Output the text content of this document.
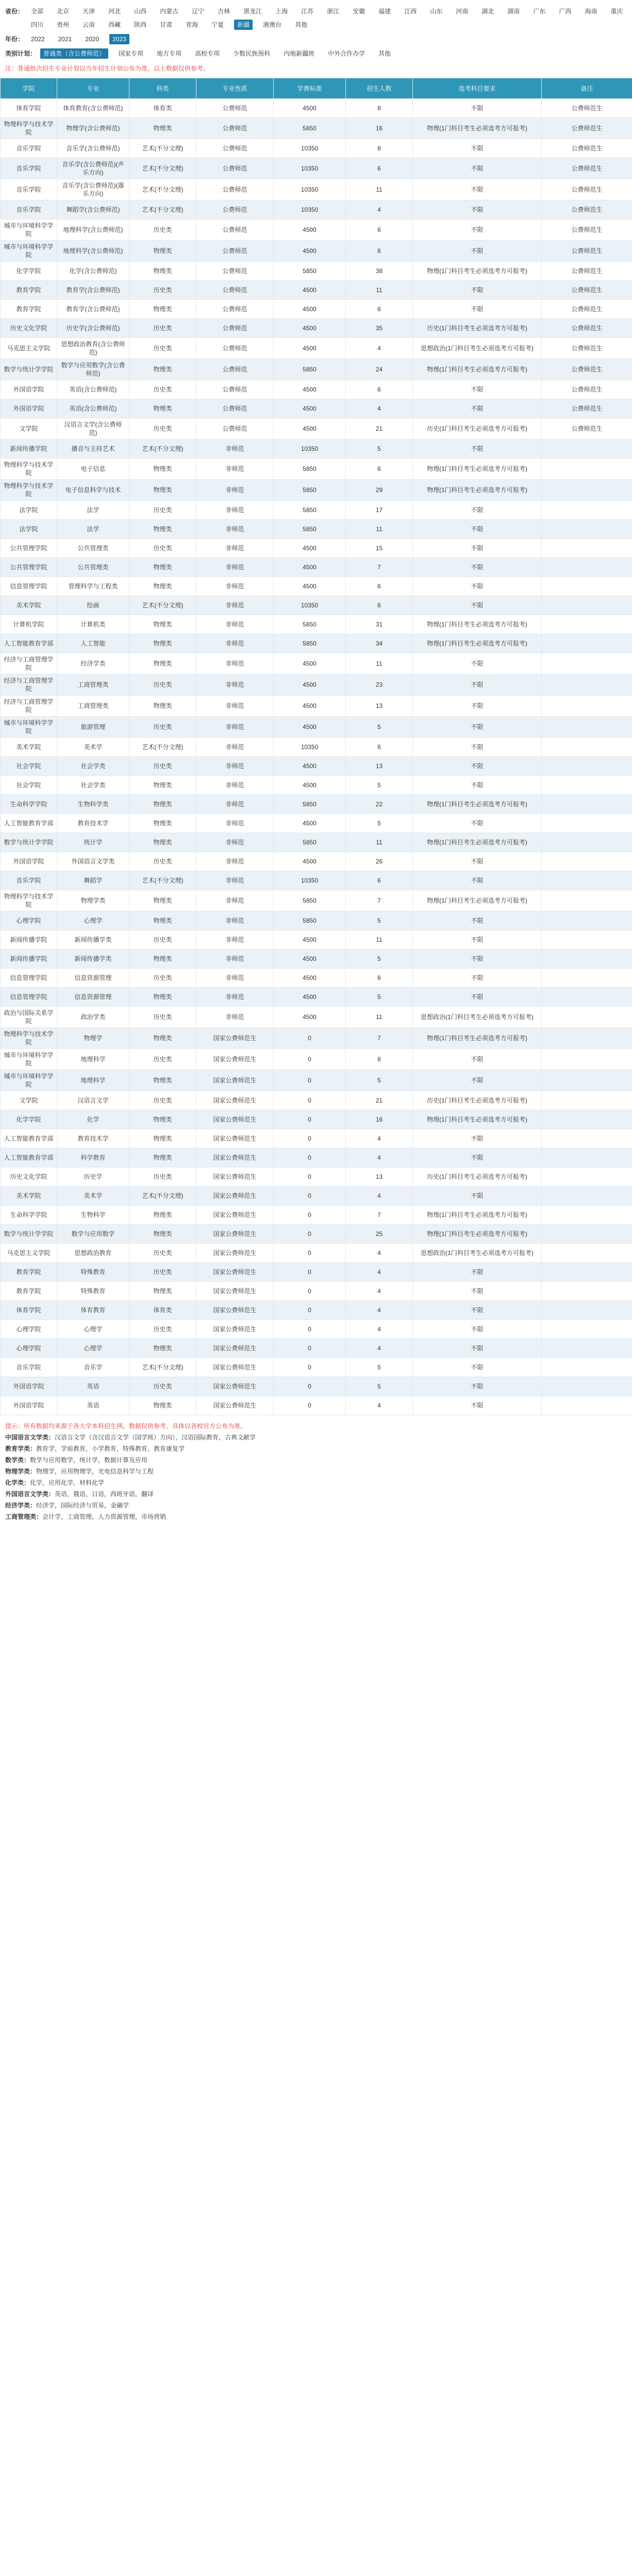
省份：	全部	北京	天津	河北	山西	内蒙古	辽宁	吉林	黑龙江	上海	江苏	浙江	安徽	福建	江西	山东	河南	湖北	湖南	广东	广西	海南	重庆
四川	贵州	云南	西藏	陕西	甘肃	青海	宁夏	新疆	港澳台	其他
年份：	2022	2021	2020	2023
类别计划：	普通类（含公费师范）	国家专项	地方专项	高校专项	少数民族预科	内地新疆班	中外合作办学	其他
注：普通批次招生专业计划以当年招生计划公布为准，以上数据仅供参考。
学院	专业	科类	专业性质	学费标准	招生人数	选考科目要求	备注
体育学院	体育教育(含公费师范)	体育类	公费师范	4500	8	不限	公费师范生
物理科学与技术学院	物理学(含公费师范)	物理类	公费师范	5850	16	物理(1门科目考生必须选考方可报考)	公费师范生
音乐学院	音乐学(含公费师范)	艺术(不分文理)	公费师范	10350	8	不限	公费师范生
音乐学院	音乐学(含公费师范)(声乐方向)	艺术(不分文理)	公费师范	10350	6	不限	公费师范生
音乐学院	音乐学(含公费师范)(器乐方向)	艺术(不分文理)	公费师范	10350	11	不限	公费师范生
音乐学院	舞蹈学(含公费师范)	艺术(不分文理)	公费师范	10350	4	不限	公费师范生
城市与环境科学学院	地理科学(含公费师范)	历史类	公费师范	4500	6	不限	公费师范生
城市与环境科学学院	地理科学(含公费师范)	物理类	公费师范	4500	6	不限	公费师范生
化学学院	化学(含公费师范)	物理类	公费师范	5850	38	物理(1门科目考生必须选考方可报考)	公费师范生
教育学院	教育学(含公费师范)	历史类	公费师范	4500	11	不限	公费师范生
教育学院	教育学(含公费师范)	物理类	公费师范	4500	6	不限	公费师范生
历史文化学院	历史学(含公费师范)	历史类	公费师范	4500	35	历史(1门科目考生必须选考方可报考)	公费师范生
马克思主义学院	思想政治教育(含公费师范)	历史类	公费师范	4500	4	思想政治(1门科目考生必须选考方可报考)	公费师范生
数学与统计学学院	数学与应用数学(含公费师范)	物理类	公费师范	5850	24	物理(1门科目考生必须选考方可报考)	公费师范生
外国语学院	英语(含公费师范)	历史类	公费师范	4500	6	不限	公费师范生
外国语学院	英语(含公费师范)	物理类	公费师范	4500	4	不限	公费师范生
文学院	汉语言文学(含公费师范)	历史类	公费师范	4500	21	历史(1门科目考生必须选考方可报考)	公费师范生
新闻传播学院	播音与主持艺术	艺术(不分文理)	非师范	10350	5	不限	
物理科学与技术学院	电子信息	物理类	非师范	5850	6	物理(1门科目考生必须选考方可报考)	
物理科学与技术学院	电子信息科学与技术	物理类	非师范	5850	29	物理(1门科目考生必须选考方可报考)	
法学院	法学	历史类	非师范	5850	17	不限	
法学院	法学	物理类	非师范	5850	11	不限	
公共管理学院	公共管理类	历史类	非师范	4500	15	不限	
公共管理学院	公共管理类	物理类	非师范	4500	7	不限	
信息管理学院	管理科学与工程类	物理类	非师范	4500	6	不限	
美术学院	绘画	艺术(不分文理)	非师范	10350	6	不限	
计算机学院	计算机类	物理类	非师范	5850	31	物理(1门科目考生必须选考方可报考)	
人工智能教育学部	人工智能	物理类	非师范	5850	34	物理(1门科目考生必须选考方可报考)	
经济与工商管理学院	经济学类	物理类	非师范	4500	11	不限	
经济与工商管理学院	工商管理类	历史类	非师范	4500	23	不限	
经济与工商管理学院	工商管理类	物理类	非师范	4500	13	不限	
城市与环境科学学院	旅游管理	历史类	非师范	4500	5	不限	
美术学院	美术学	艺术(不分文理)	非师范	10350	6	不限	
社会学院	社会学类	历史类	非师范	4500	13	不限	
社会学院	社会学类	物理类	非师范	4500	5	不限	
生命科学学院	生物科学类	物理类	非师范	5850	22	物理(1门科目考生必须选考方可报考)	
人工智能教育学部	教育技术学	物理类	非师范	4500	5	不限	
数学与统计学学院	统计学	物理类	非师范	5850	11	物理(1门科目考生必须选考方可报考)	
外国语学院	外国语言文学类	历史类	非师范	4500	26	不限	
音乐学院	舞蹈学	艺术(不分文理)	非师范	10350	6	不限	
物理科学与技术学院	物理学类	物理类	非师范	5850	7	物理(1门科目考生必须选考方可报考)	
心理学院	心理学	物理类	非师范	5850	5	不限	
新闻传播学院	新闻传播学类	历史类	非师范	4500	11	不限	
新闻传播学院	新闻传播学类	物理类	非师范	4500	5	不限	
信息管理学院	信息资源管理	历史类	非师范	4500	6	不限	
信息管理学院	信息资源管理	物理类	非师范	4500	5	不限	
政治与国际关系学院	政治学类	历史类	非师范	4500	11	思想政治(1门科目考生必须选考方可报考)	
物理科学与技术学院	物理学	物理类	国家公费师范生	0	7	物理(1门科目考生必须选考方可报考)	
城市与环境科学学院	地理科学	历史类	国家公费师范生	0	8	不限	
城市与环境科学学院	地理科学	物理类	国家公费师范生	0	5	不限	
文学院	汉语言文学	历史类	国家公费师范生	0	21	历史(1门科目考生必须选考方可报考)	
化学学院	化学	物理类	国家公费师范生	0	16	物理(1门科目考生必须选考方可报考)	
人工智能教育学部	教育技术学	物理类	国家公费师范生	0	4	不限	
人工智能教育学部	科学教育	物理类	国家公费师范生	0	4	不限	
历史文化学院	历史学	历史类	国家公费师范生	0	13	历史(1门科目考生必须选考方可报考)	
美术学院	美术学	艺术(不分文理)	国家公费师范生	0	4	不限	
生命科学学院	生物科学	物理类	国家公费师范生	0	7	物理(1门科目考生必须选考方可报考)	
数学与统计学学院	数学与应用数学	物理类	国家公费师范生	0	25	物理(1门科目考生必须选考方可报考)	
马克思主义学院	思想政治教育	历史类	国家公费师范生	0	4	思想政治(1门科目考生必须选考方可报考)	
教育学院	特殊教育	历史类	国家公费师范生	0	4	不限	
教育学院	特殊教育	物理类	国家公费师范生	0	4	不限	
体育学院	体育教育	体育类	国家公费师范生	0	4	不限	
心理学院	心理学	历史类	国家公费师范生	0	4	不限	
心理学院	心理学	物理类	国家公费师范生	0	4	不限	
音乐学院	音乐学	艺术(不分文理)	国家公费师范生	0	5	不限	
外国语学院	英语	历史类	国家公费师范生	0	5	不限	
外国语学院	英语	物理类	国家公费师范生	0	4	不限	
提示：所有数据均来源于各大学本科招生网，数据仅供参考，具体以各校官方公布为准。
中国语言文学类：汉语言文学（含汉语言文学（国学班）方向），汉语国际教育，古典文献学
教育学类：教育学，学前教育，小学教育，特殊教育，教育康复学
数学类：数学与应用数学，统计学，数据计算及应用
物理学类：物理学，应用物理学，光电信息科学与工程
化学类：化学，应用化学，材料化学
外国语言文学类：英语，俄语，日语，西班牙语，翻译
经济学类：经济学，国际经济与贸易，金融学
工商管理类：会计学，工商管理，人力资源管理，市场营销
